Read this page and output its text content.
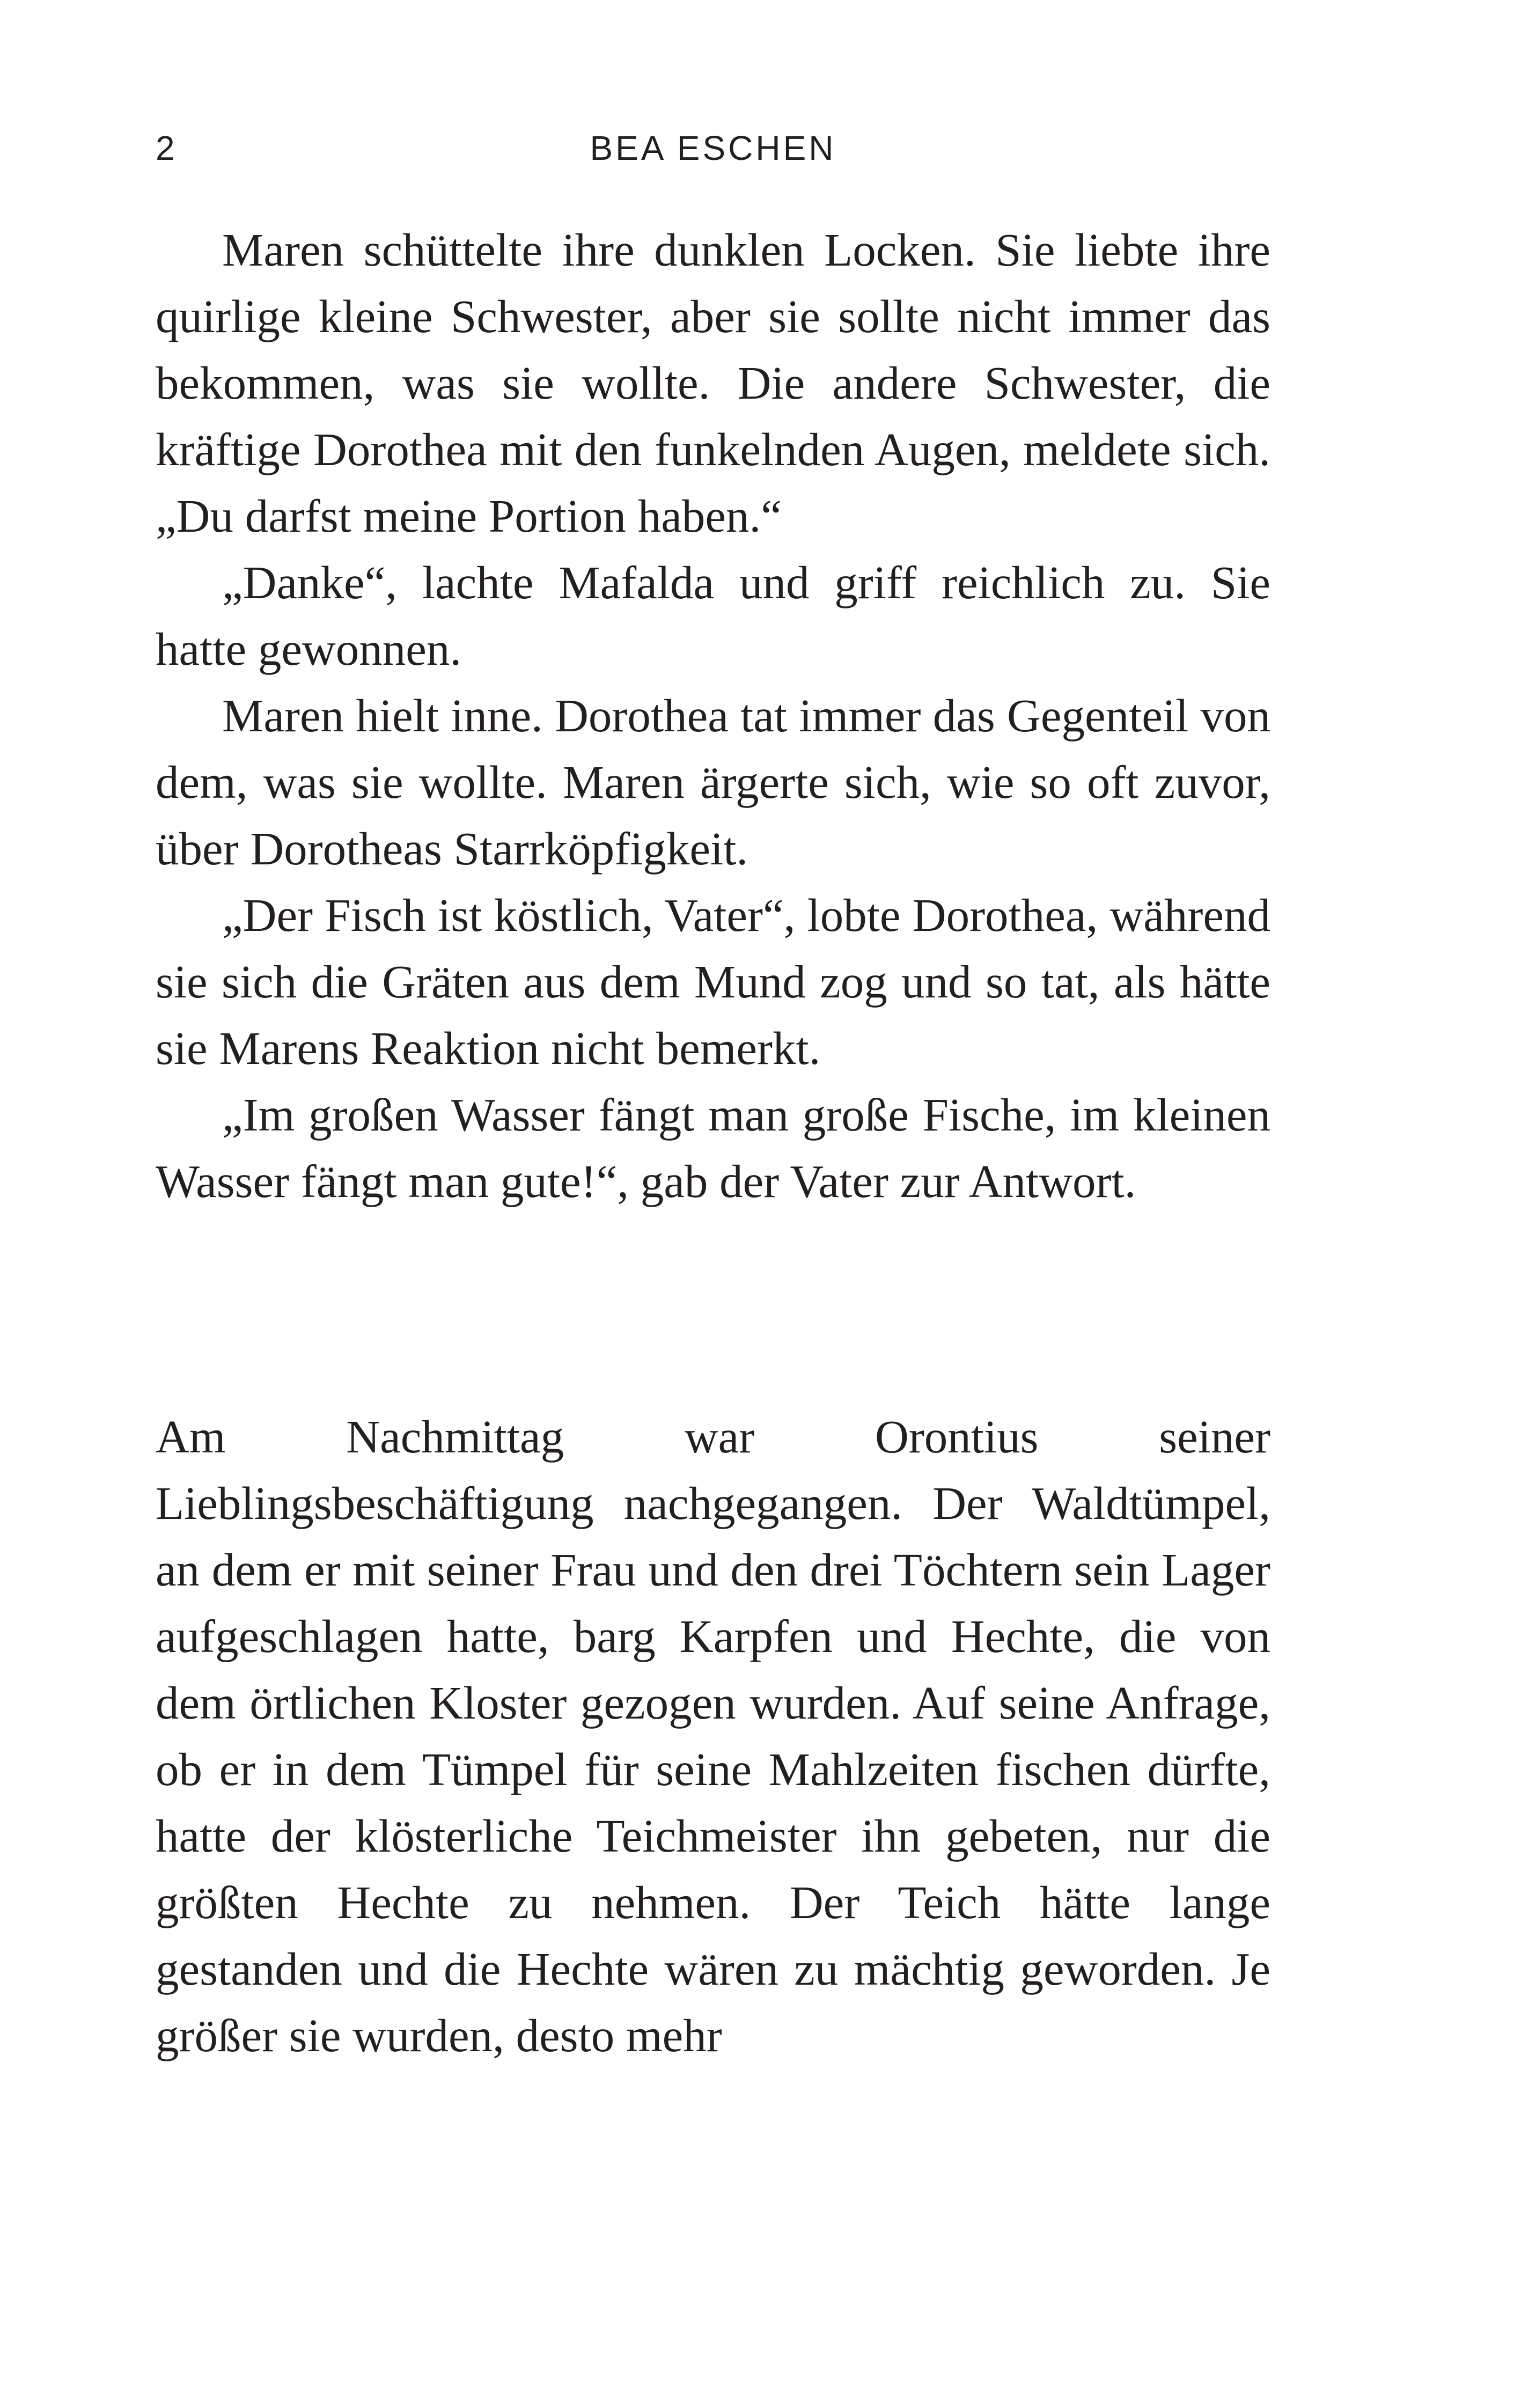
2	BEA ESCHEN

Maren schüttelte ihre dunklen Locken. Sie liebte ihre quirlige kleine Schwester, aber sie sollte nicht immer das bekommen, was sie wollte. Die andere Schwester, die kräftige Dorothea mit den funkelnden Augen, meldete sich. „Du darfst meine Portion haben.“

„Danke“, lachte Mafalda und griff reichlich zu. Sie hatte gewonnen.

Maren hielt inne. Dorothea tat immer das Gegenteil von dem, was sie wollte. Maren ärgerte sich, wie so oft zuvor, über Dorotheas Starrköpfigkeit.

„Der Fisch ist köstlich, Vater“, lobte Dorothea, während sie sich die Gräten aus dem Mund zog und so tat, als hätte sie Marens Reaktion nicht bemerkt.

„Im großen Wasser fängt man große Fische, im kleinen Wasser fängt man gute!“, gab der Vater zur Antwort.

Am Nachmittag war Orontius seiner Lieblingsbeschäftigung nachgegangen. Der Waldtümpel, an dem er mit seiner Frau und den drei Töchtern sein Lager aufgeschlagen hatte, barg Karpfen und Hechte, die von dem örtlichen Kloster gezogen wurden. Auf seine Anfrage, ob er in dem Tümpel für seine Mahlzeiten fischen dürfte, hatte der klösterliche Teichmeister ihn gebeten, nur die größten Hechte zu nehmen. Der Teich hätte lange gestanden und die Hechte wären zu mächtig geworden. Je größer sie wurden, desto mehr
